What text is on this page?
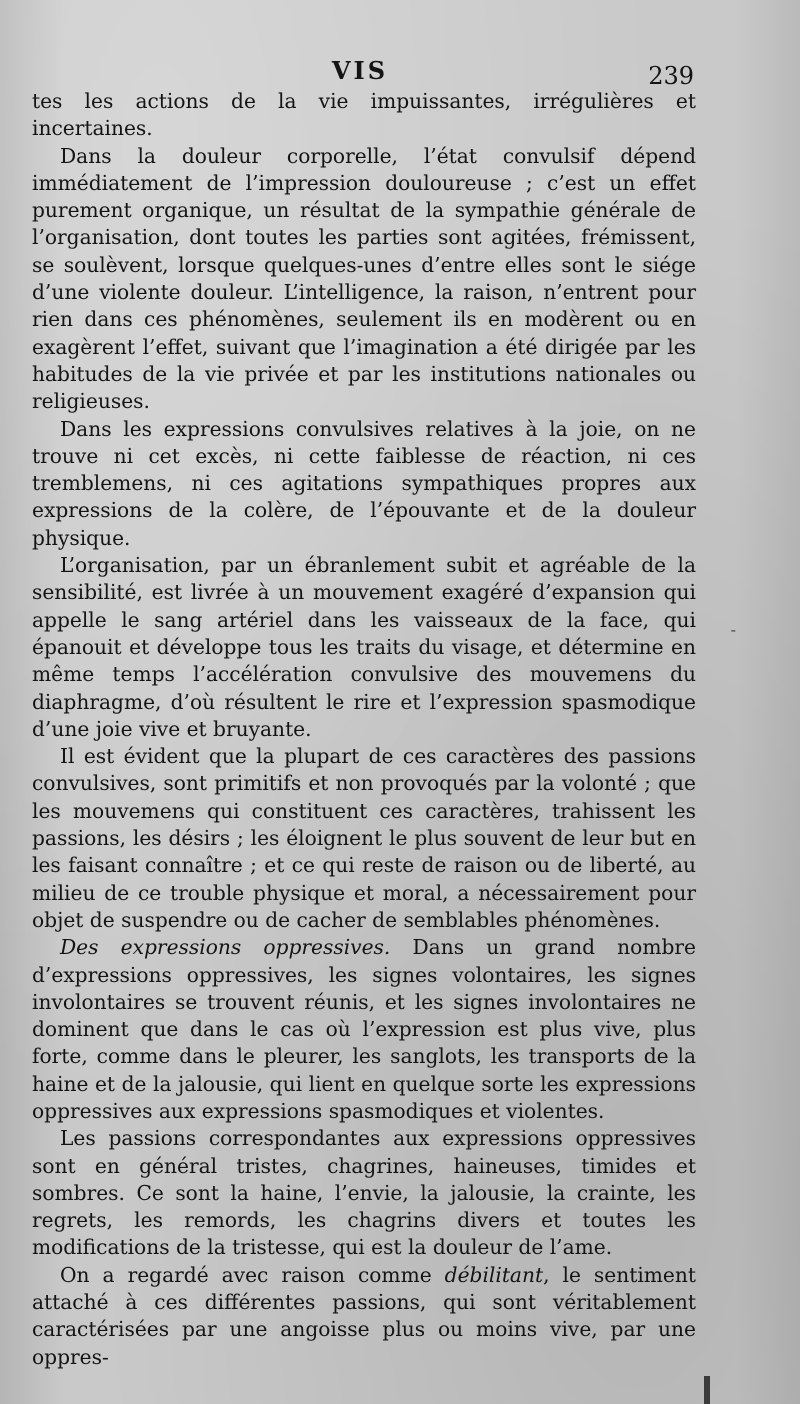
VIS	239

tes les actions de la vie impuissantes, irrégulières et incertaines.

Dans la douleur corporelle, l’état convulsif dépend immédiatement de l’impression douloureuse ; c’est un effet purement organique, un résultat de la sympathie générale de l’organisation, dont toutes les parties sont agitées, frémissent, se soulèvent, lorsque quelques-unes d’entre elles sont le siége d’une violente douleur. L’intelligence, la raison, n’entrent pour rien dans ces phénomènes, seulement ils en modèrent ou en exagèrent l’effet, suivant que l’imagination a été dirigée par les habitudes de la vie privée et par les institutions nationales ou religieuses.

Dans les expressions convulsives relatives à la joie, on ne trouve ni cet excès, ni cette faiblesse de réaction, ni ces tremblemens, ni ces agitations sympathiques propres aux expressions de la colère, de l’épouvante et de la douleur physique.

L’organisation, par un ébranlement subit et agréable de la sensibilité, est livrée à un mouvement exagéré d’expansion qui appelle le sang artériel dans les vaisseaux de la face, qui épanouit et développe tous les traits du visage, et détermine en même temps l’accélération convulsive des mouvemens du diaphragme, d’où résultent le rire et l’expression spasmodique d’une joie vive et bruyante.

Il est évident que la plupart de ces caractères des passions convulsives, sont primitifs et non provoqués par la volonté ; que les mouvemens qui constituent ces caractères, trahissent les passions, les désirs ; les éloignent le plus souvent de leur but en les faisant connaître ; et ce qui reste de raison ou de liberté, au milieu de ce trouble physique et moral, a nécessairement pour objet de suspendre ou de cacher de semblables phénomènes.

Des expressions oppressives. Dans un grand nombre d’expressions oppressives, les signes volontaires, les signes involontaires se trouvent réunis, et les signes involontaires ne dominent que dans le cas où l’expression est plus vive, plus forte, comme dans le pleurer, les sanglots, les transports de la haine et de la jalousie, qui lient en quelque sorte les expressions oppressives aux expressions spasmodiques et violentes.

Les passions correspondantes aux expressions oppressives sont en général tristes, chagrines, haineuses, timides et sombres. Ce sont la haine, l’envie, la jalousie, la crainte, les regrets, les remords, les chagrins divers et toutes les modifications de la tristesse, qui est la douleur de l’ame.

On a regardé avec raison comme débilitant, le sentiment attaché à ces différentes passions, qui sont véritablement caractérisées par une angoisse plus ou moins vive, par une oppres-

-
